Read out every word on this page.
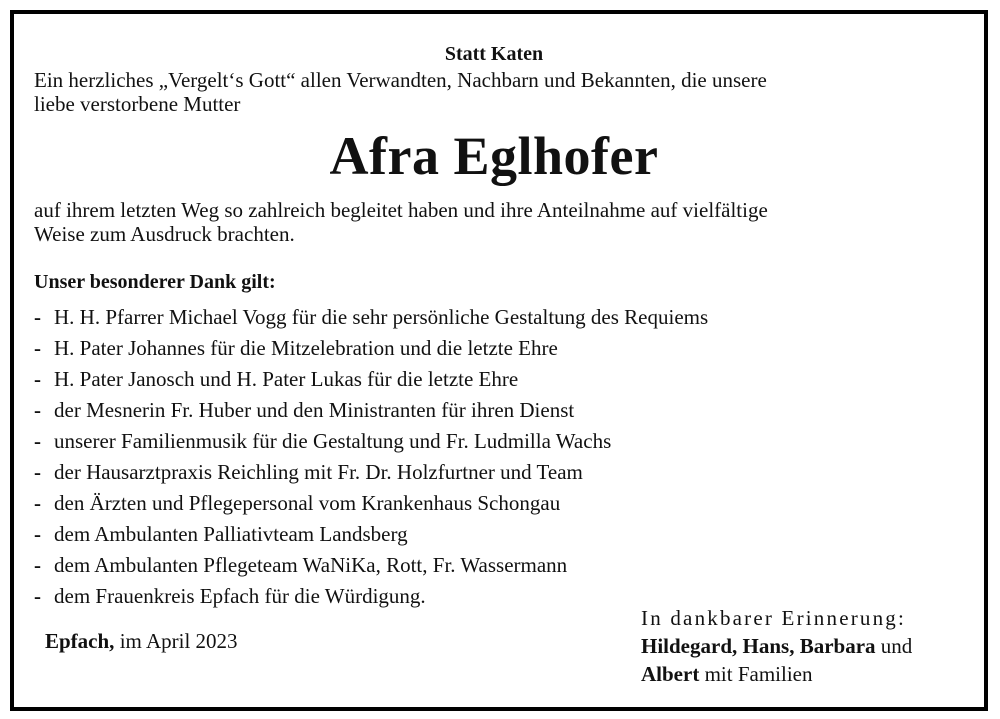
Statt Katen

Ein herzliches „Vergelt‘s Gott“ allen Verwandten, Nachbarn und Bekannten, die unsere
liebe verstorbene Mutter

Afra Eglhofer

auf ihrem letzten Weg so zahlreich begleitet haben und ihre Anteilnahme auf vielfältige
Weise zum Ausdruck brachten.

Unser besonderer Dank gilt:
- H. H. Pfarrer Michael Vogg für die sehr persönliche Gestaltung des Requiems
- H. Pater Johannes für die Mitzelebration und die letzte Ehre
- H. Pater Janosch und H. Pater Lukas für die letzte Ehre
- der Mesnerin Fr. Huber und den Ministranten für ihren Dienst
- unserer Familienmusik für die Gestaltung und Fr. Ludmilla Wachs
- der Hausarztpraxis Reichling mit Fr. Dr. Holzfurtner und Team
- den Ärzten und Pflegepersonal vom Krankenhaus Schongau
- dem Ambulanten Palliativteam Landsberg
- dem Ambulanten Pflegeteam WaNiKa, Rott, Fr. Wassermann
- dem Frauenkreis Epfach für die Würdigung.
Epfach, im April 2023
In dankbarer Erinnerung:
Hildegard, Hans, Barbara und
Albert mit Familien
